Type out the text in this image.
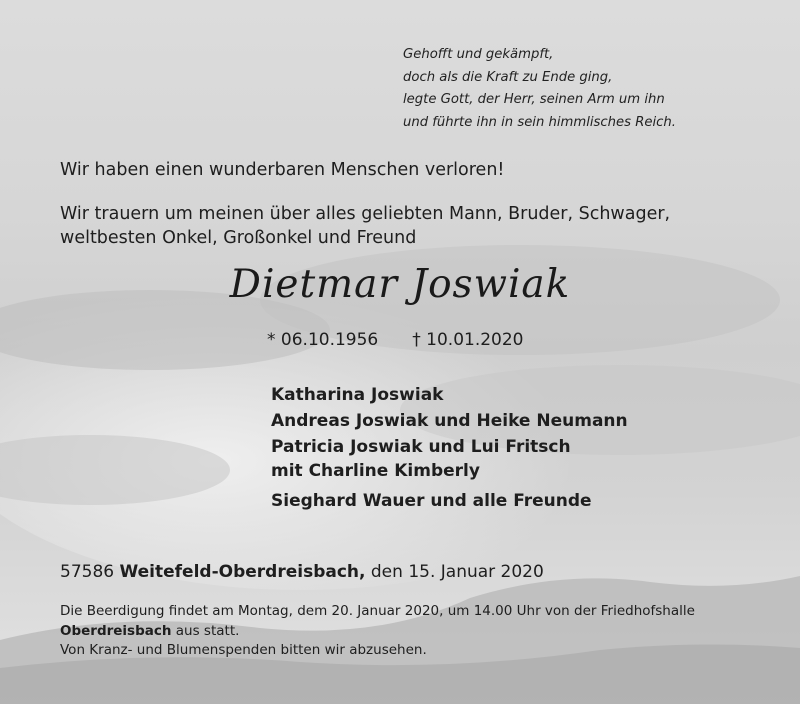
Gehofft und gekämpft,
doch als die Kraft zu Ende ging,
legte Gott, der Herr, seinen Arm um ihn
und führte ihn in sein himmlisches Reich.
Wir haben einen wunderbaren Menschen verloren!
Wir trauern um meinen über alles geliebten Mann, Bruder, Schwager,
weltbesten Onkel, Großonkel und Freund
Dietmar Joswiak
* 06.10.1956 † 10.01.2020
Katharina Joswiak
Andreas Joswiak und Heike Neumann
Patricia Joswiak und Lui Fritsch
mit Charline Kimberly
Sieghard Wauer und alle Freunde
57586 Weitefeld-Oberdreisbach, den 15. Januar 2020
Die Beerdigung findet am Montag, dem 20. Januar 2020, um 14.00 Uhr von der Friedhofshalle
Oberdreisbach aus statt.
Von Kranz- und Blumenspenden bitten wir abzusehen.
